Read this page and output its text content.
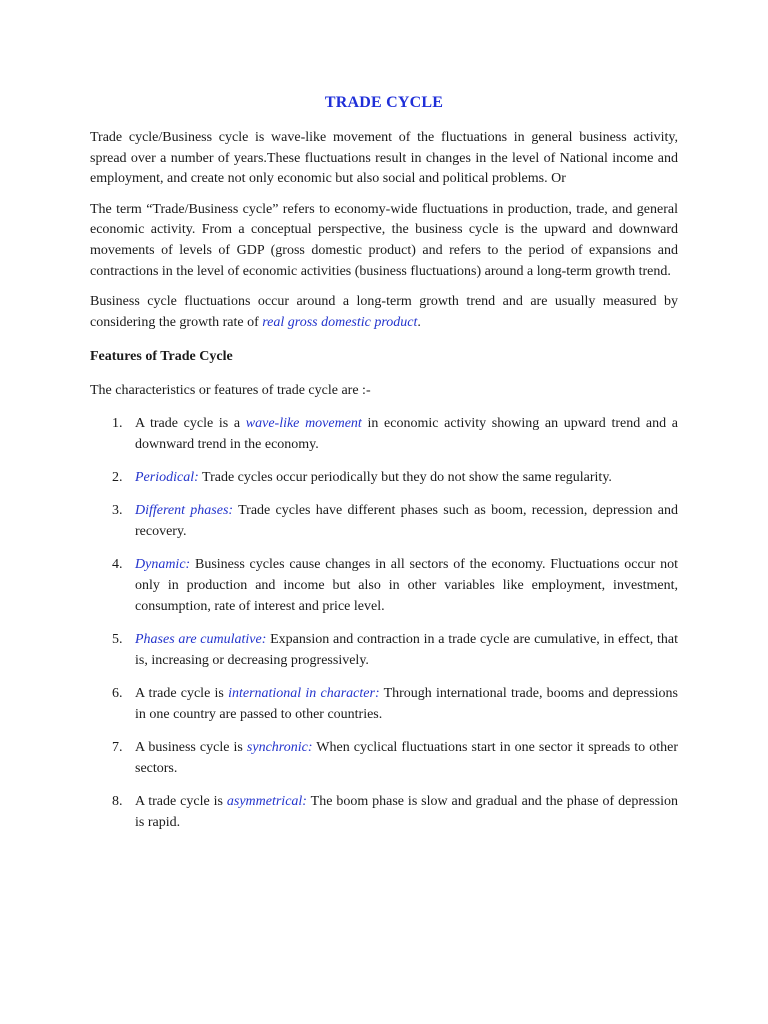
TRADE CYCLE

Trade cycle/Business cycle is wave-like movement of the fluctuations in general business activity, spread over a number of years.These fluctuations result in changes in the level of National income and employment, and create not only economic but also social and political problems. Or

The term “Trade/Business cycle” refers to economy-wide fluctuations in production, trade, and general economic activity. From a conceptual perspective, the business cycle is the upward and downward movements of levels of GDP (gross domestic product) and refers to the period of expansions and contractions in the level of economic activities (business fluctuations) around a long-term growth trend.

Business cycle fluctuations occur around a long-term growth trend and are usually measured by considering the growth rate of real gross domestic product.

Features of Trade Cycle

The characteristics or features of trade cycle are :-

1. A trade cycle is a wave-like movement in economic activity showing an upward trend and a downward trend in the economy.
2. Periodical: Trade cycles occur periodically but they do not show the same regularity.
3. Different phases: Trade cycles have different phases such as boom, recession, depression and recovery.
4. Dynamic: Business cycles cause changes in all sectors of the economy. Fluctuations occur not only in production and income but also in other variables like employment, investment, consumption, rate of interest and price level.
5. Phases are cumulative: Expansion and contraction in a trade cycle are cumulative, in effect, that is, increasing or decreasing progressively.
6. A trade cycle is international in character: Through international trade, booms and depressions in one country are passed to other countries.
7. A business cycle is synchronic: When cyclical fluctuations start in one sector it spreads to other sectors.
8. A trade cycle is asymmetrical: The boom phase is slow and gradual and the phase of depression is rapid.
